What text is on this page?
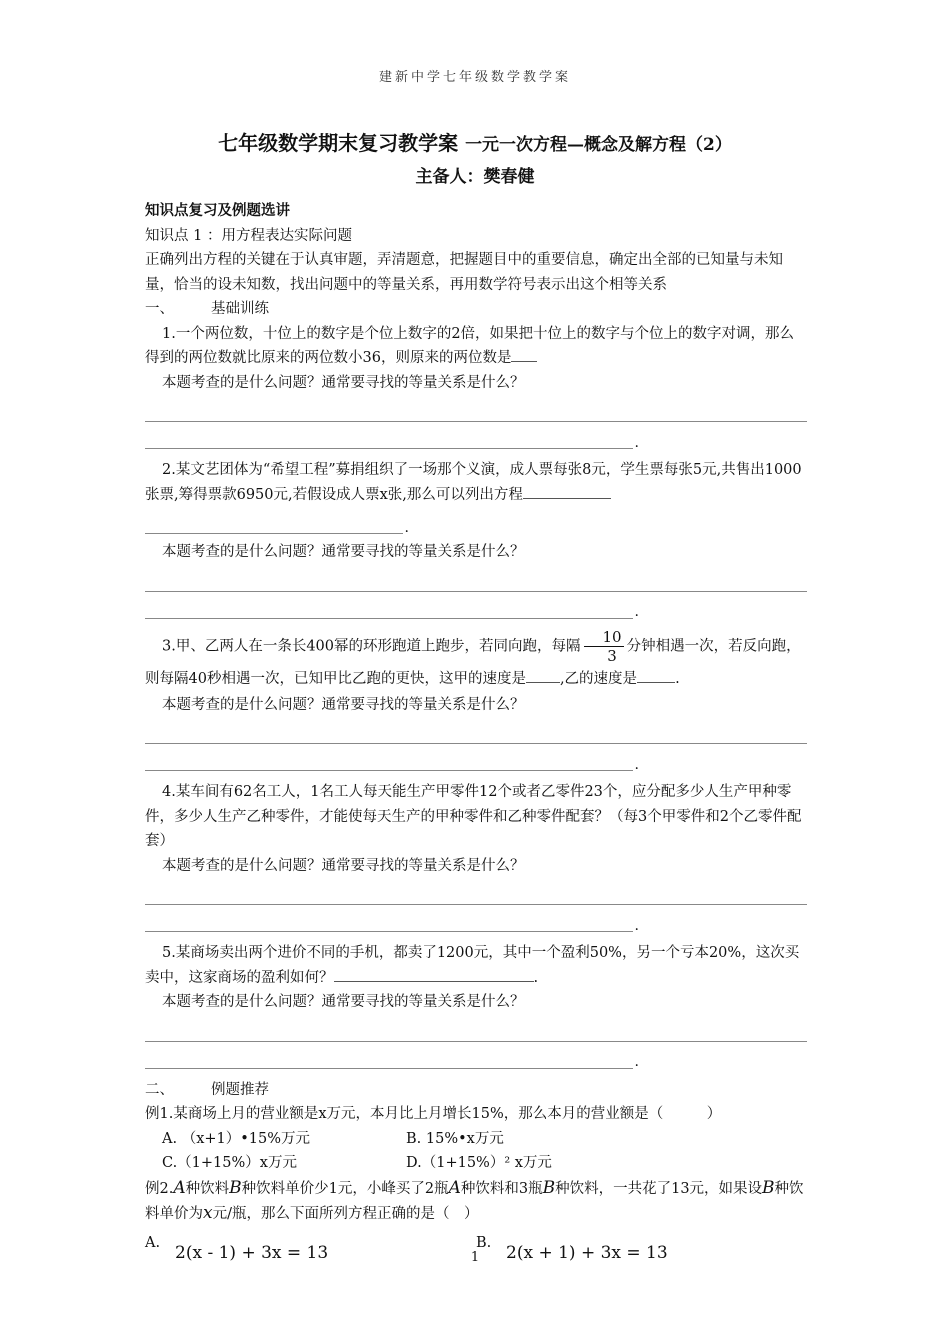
建新中学七年级数学教学案
七年级数学期末复习教学案 一元一次方程—概念及解方程（2）
主备人：樊春健

知识点复习及例题选讲

知识点 1 ：用方程表达实际问题

正确列出方程的关键在于认真审题，弄清题意，把握题目中的重要信息，确定出全部的已知量与未知量，恰当的设未知数，找出问题中的等量关系，再用数学符号表示出这个相等关系

一、	基础训练

1.一个两位数，十位上的数字是个位上数字的2倍，如果把十位上的数字与个位上的数字对调，那么得到的两位数就比原来的两位数小36，则原来的两位数是

本题考查的是什么问题？通常要寻找的等量关系是什么？

.

2.某文艺团体为“希望工程”募捐组织了一场那个义演，成人票每张8元，学生票每张5元,共售出1000张票,筹得票款6950元,若假设成人票x张,那么可以列出方程

.

本题考查的是什么问题？通常要寻找的等量关系是什么？

.

3.甲、乙两人在一条长400幂的环形跑道上跑步，若同向跑，每隔 $\frac{10}{3}$ 分钟相遇一次，若反向跑，则每隔40秒相遇一次，已知甲比乙跑的更快，这甲的速度是 ,乙的速度是	.

本题考查的是什么问题？通常要寻找的等量关系是什么？

.

4.某车间有62名工人，1名工人每天能生产甲零件12个或者乙零件23个，应分配多少人生产甲种零件，多少人生产乙种零件，才能使每天生产的甲种零件和乙种零件配套？（每3个甲零件和2个乙零件配套）

本题考查的是什么问题？通常要寻找的等量关系是什么？

.

5.某商场卖出两个进价不同的手机，都卖了1200元，其中一个盈利50%，另一个亏本20%，这次买卖中，这家商场的盈利如何？	.

本题考查的是什么问题？通常要寻找的等量关系是什么？

.

二、	例题推荐

例1.某商场上月的营业额是x万元，本月比上月增长15%，那么本月的营业额是（　　　）

A. （x+1）•15%万元	B. 15%•x万元
C.（1+15%）x万元	D.（1+15%）² x万元

例2.A种饮料B种饮料单价少1元，小峰买了2瓶A种饮料和3瓶B种饮料，一共花了13元，如果设B种饮料单价为x元/瓶，那么下面所列方程正确的是（　）

A. 2(x - 1) + 3x = 13	B. 2(x + 1) + 3x = 13
1
